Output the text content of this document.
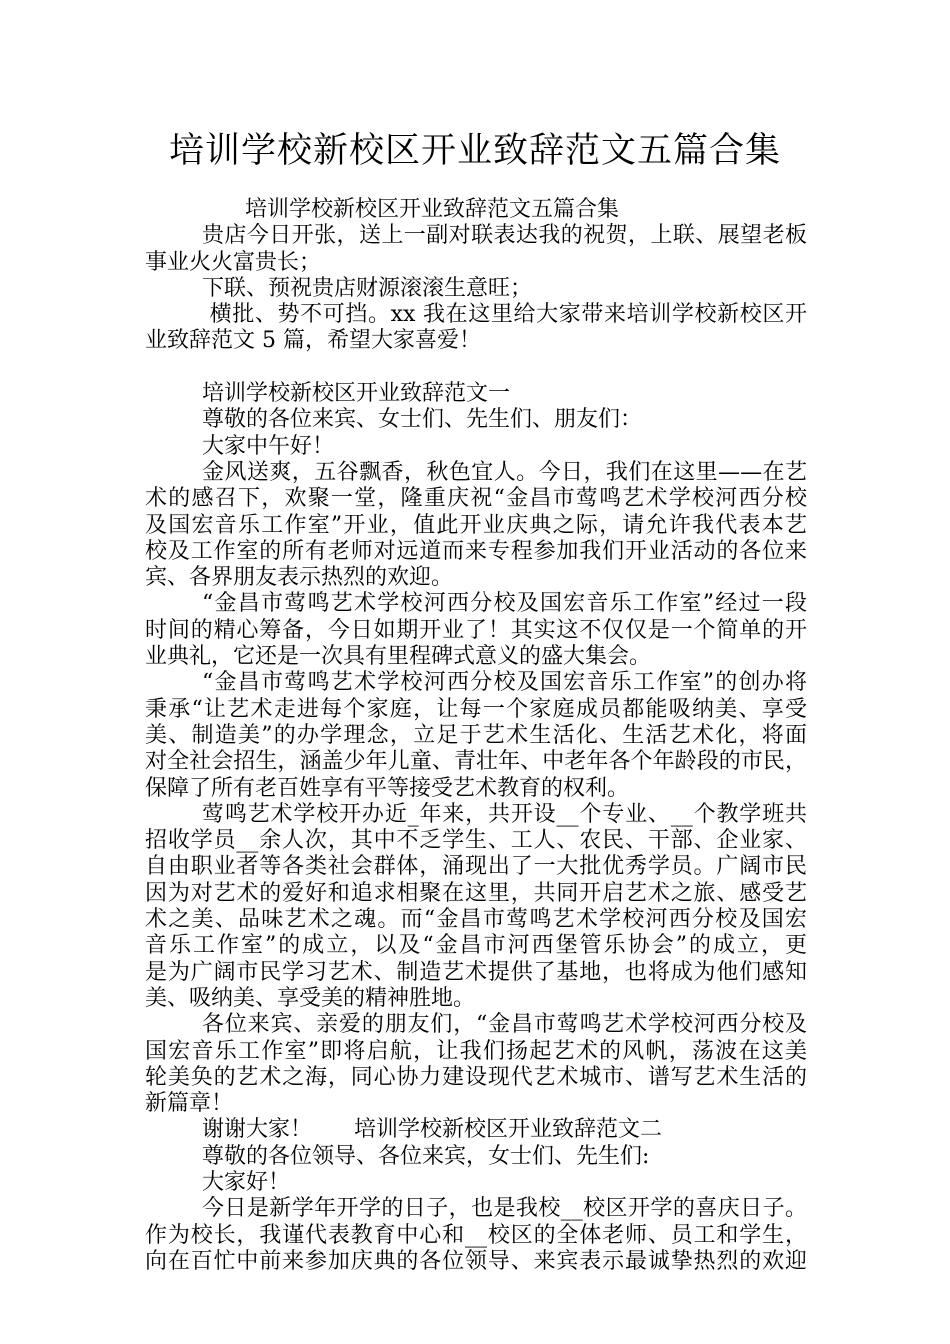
培训学校新校区开业致辞范文五篇合集
培训学校新校区开业致辞范文五篇合集
贵店今日开张，送上一副对联表达我的祝贺，上联、展望老板
事业火火富贵长；
下联、预祝贵店财源滚滚生意旺；
横批、势不可挡。xx 我在这里给大家带来培训学校新校区开
业致辞范文 5 篇，希望大家喜爱！
培训学校新校区开业致辞范文一
尊敬的各位来宾、女士们、先生们、朋友们：
大家中午好！
金风送爽，五谷飘香，秋色宜人。今日，我们在这里——在艺
术的感召下，欢聚一堂，隆重庆祝“金昌市莺鸣艺术学校河西分校
及国宏音乐工作室”开业，值此开业庆典之际，请允许我代表本艺
校及工作室的所有老师对远道而来专程参加我们开业活动的各位来
宾、各界朋友表示热烈的欢迎。
“金昌市莺鸣艺术学校河西分校及国宏音乐工作室”经过一段
时间的精心筹备，今日如期开业了！其实这不仅仅是一个简单的开
业典礼，它还是一次具有里程碑式意义的盛大集会。
“金昌市莺鸣艺术学校河西分校及国宏音乐工作室”的创办将
秉承“让艺术走进每个家庭，让每一个家庭成员都能吸纳美、享受
美、制造美”的办学理念，立足于艺术生活化、生活艺术化，将面
对全社会招生，涵盖少年儿童、青壮年、中老年各个年龄段的市民，
保障了所有老百姓享有平等接受艺术教育的权利。
莺鸣艺术学校开办近_年来，共开设__个专业、__个教学班共
招收学员__余人次，其中不乏学生、工人、农民、干部、企业家、
自由职业者等各类社会群体，涌现出了一大批优秀学员。广阔市民
因为对艺术的爱好和追求相聚在这里，共同开启艺术之旅、感受艺
术之美、品味艺术之魂。而“金昌市莺鸣艺术学校河西分校及国宏
音乐工作室”的成立，以及“金昌市河西堡管乐协会”的成立，更
是为广阔市民学习艺术、制造艺术提供了基地，也将成为他们感知
美、吸纳美、享受美的精神胜地。
各位来宾、亲爱的朋友们，“金昌市莺鸣艺术学校河西分校及
国宏音乐工作室”即将启航，让我们扬起艺术的风帆，荡波在这美
轮美奂的艺术之海，同心协力建设现代艺术城市、谱写艺术生活的
新篇章！
谢谢大家！      培训学校新校区开业致辞范文二
尊敬的各位领导、各位来宾，女士们、先生们:
大家好！
今日是新学年开学的日子，也是我校__校区开学的喜庆日子。
作为校长，我谨代表教育中心和__校区的全体老师、员工和学生，
向在百忙中前来参加庆典的各位领导、来宾表示最诚挚热烈的欢迎
